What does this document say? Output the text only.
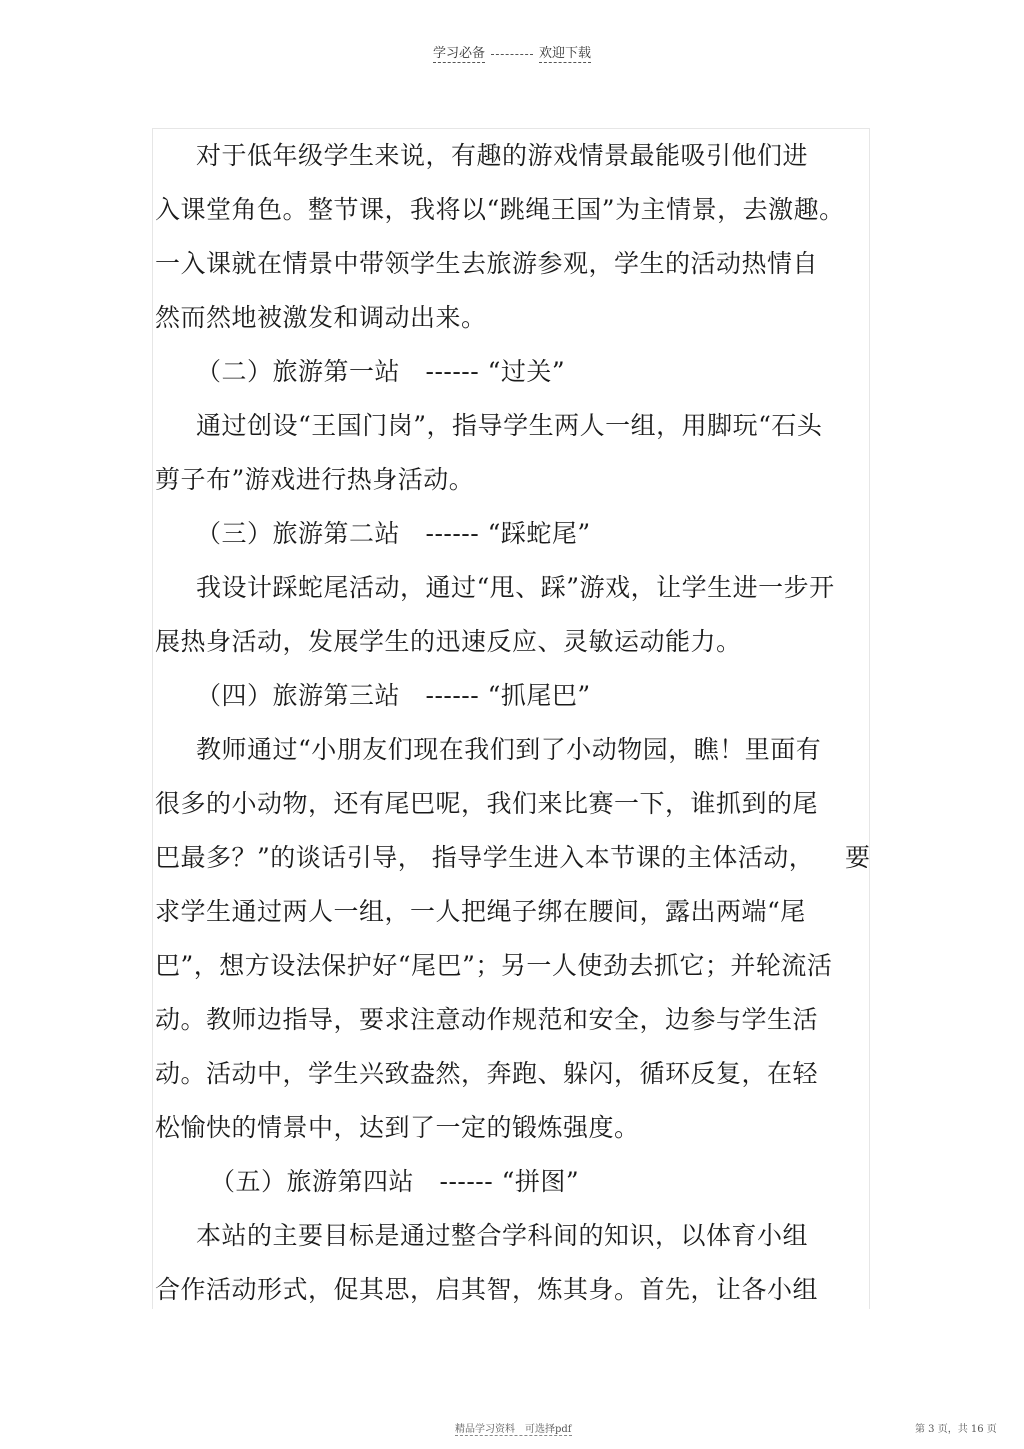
学习必备	欢迎下载
对于低年级学生来说，有趣的游戏情景最能吸引他们进
入课堂角色。整节课，我将以“跳绳王国”为主情景，去激趣。
一入课就在情景中带领学生去旅游参观，学生的活动热情自
然而然地被激发和调动出来。
（二）旅游第一站　------ “过关”
通过创设“王国门岗”，指导学生两人一组，用脚玩“石头
剪子布”游戏进行热身活动。
（三）旅游第二站　------ “踩蛇尾”
我设计踩蛇尾活动，通过“甩、踩”游戏，让学生进一步开
展热身活动，发展学生的迅速反应、灵敏运动能力。
（四）旅游第三站　------ “抓尾巴”
教师通过“小朋友们现在我们到了小动物园，瞧！里面有
很多的小动物，还有尾巴呢，我们来比赛一下，谁抓到的尾
巴最多？”的谈话引导， 指导学生进入本节课的主体活动， 要
求学生通过两人一组，一人把绳子绑在腰间，露出两端“尾
巴”，想方设法保护好“尾巴”；另一人使劲去抓它；并轮流活
动。教师边指导，要求注意动作规范和安全，边参与学生活
动。活动中，学生兴致盎然，奔跑、躲闪，循环反复，在轻
松愉快的情景中，达到了一定的锻炼强度。
（五）旅游第四站　------ “拼图”
本站的主要目标是通过整合学科间的知识，以体育小组
合作活动形式，促其思，启其智，炼其身。首先，让各小组
精品学习资料　可选择pdf	第 3 页，共 16 页
